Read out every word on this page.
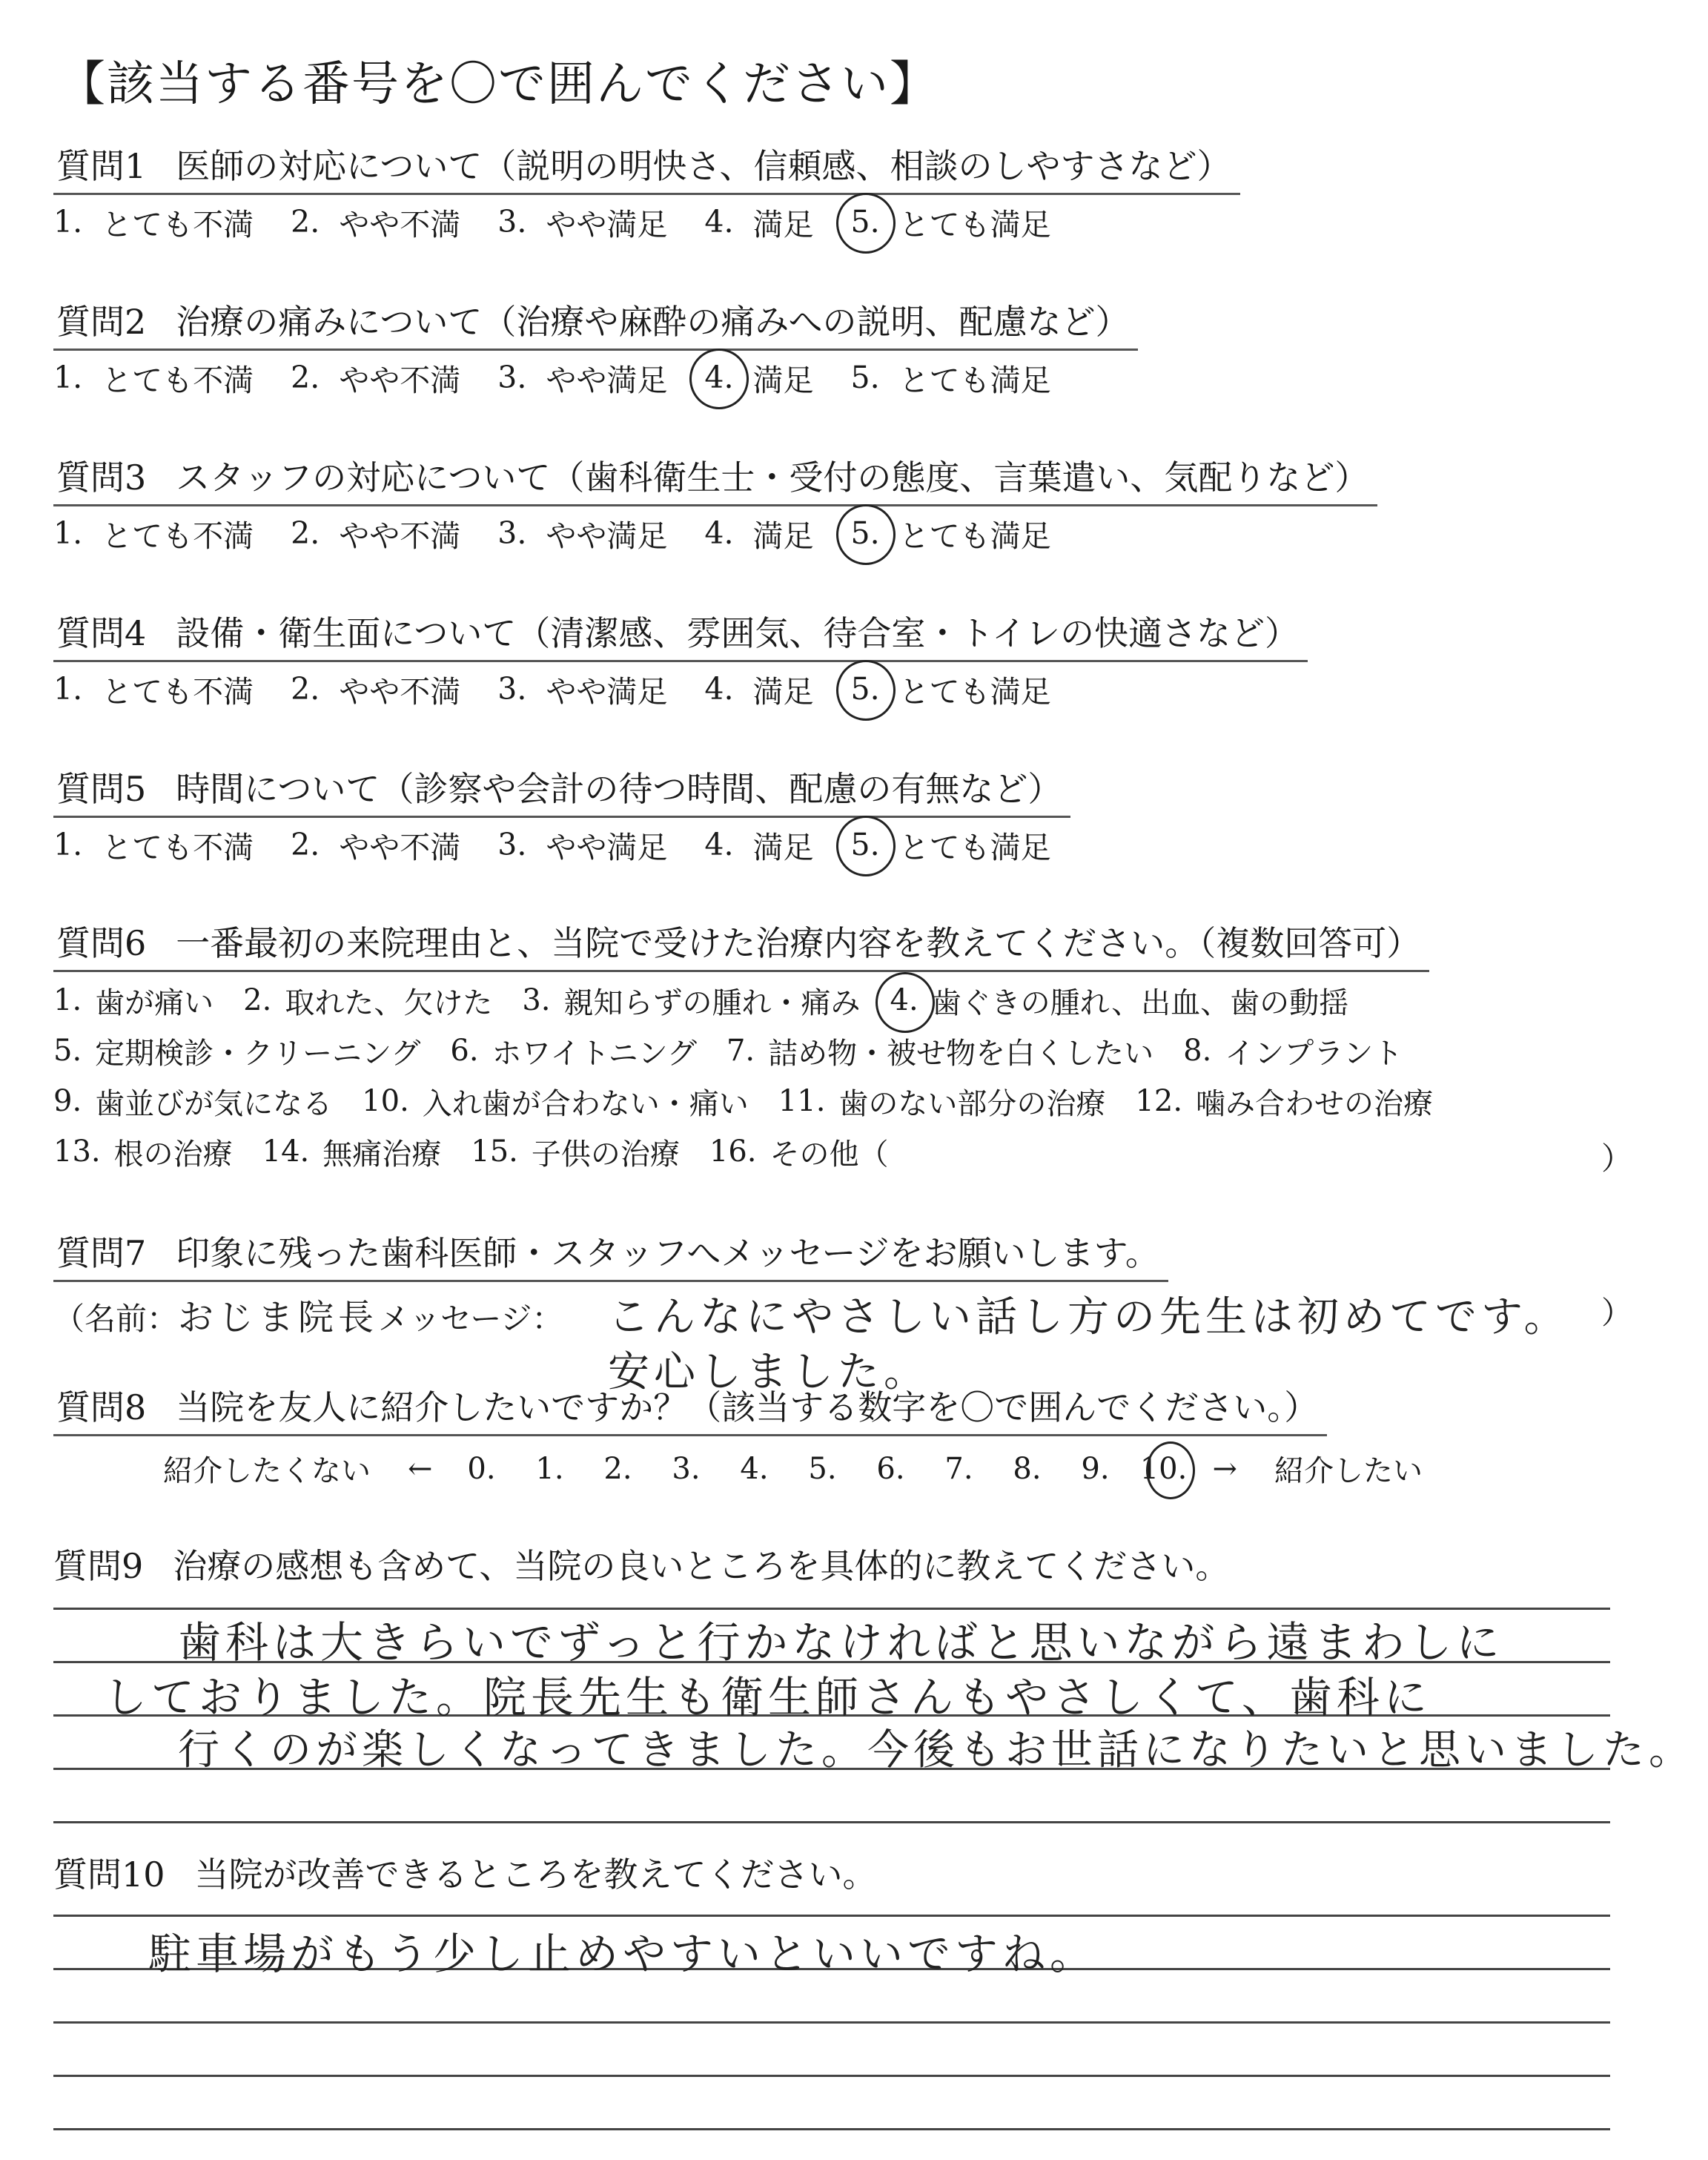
【該当する番号を〇で囲んでください】
質問1 医師の対応について（説明の明快さ、信頼感、相談のしやすさなど）
1. とても不満 2. やや不満 3. やや満足 4. 満足 5. とても満足
質問2 治療の痛みについて（治療や麻酔の痛みへの説明、配慮など）
1. とても不満 2. やや不満 3. やや満足 4. 満足 5. とても満足
質問3 スタッフの対応について（歯科衛生士・受付の態度、言葉遣い、気配りなど）
1. とても不満 2. やや不満 3. やや満足 4. 満足 5. とても満足
質問4 設備・衛生面について（清潔感、雰囲気、待合室・トイレの快適さなど）
1. とても不満 2. やや不満 3. やや満足 4. 満足 5. とても満足
質問5 時間について（診察や会計の待つ時間、配慮の有無など）
1. とても不満 2. やや不満 3. やや満足 4. 満足 5. とても満足
質問6 一番最初の来院理由と、当院で受けた治療内容を教えてください。（複数回答可）
1. 歯が痛い 2. 取れた、欠けた 3. 親知らずの腫れ・痛み 4. 歯ぐきの腫れ、出血、歯の動揺
5. 定期検診・クリーニング 6. ホワイトニング 7. 詰め物・被せ物を白くしたい 8. インプラント
9. 歯並びが気になる 10. 入れ歯が合わない・痛い 11. 歯のない部分の治療 12. 噛み合わせの治療
13. 根の治療 14. 無痛治療 15. 子供の治療 16. その他（	）
質問7 印象に残った歯科医師・スタッフへメッセージをお願いします。
（名前：おじま院長メッセージ： こんなにやさしい話し方の先生は初めてです。
安心しました。
）
質問8 当院を友人に紹介したいですか？（該当する数字を〇で囲んでください。）
紹介したくない ←	0.	1.	2.	3.	4.	5.	6.	7.	8.	9.	10. → 紹介したい
質問9 治療の感想も含めて、当院の良いところを具体的に教えてください。
歯科は大きらいでずっと行かなければと思いながら遠まわしに
しておりました。院長先生も衛生師さんもやさしくて、歯科に
行くのが楽しくなってきました。今後もお世話になりたいと思いました。
質問10 当院が改善できるところを教えてください。
駐車場がもう少し止めやすいといいですね。
